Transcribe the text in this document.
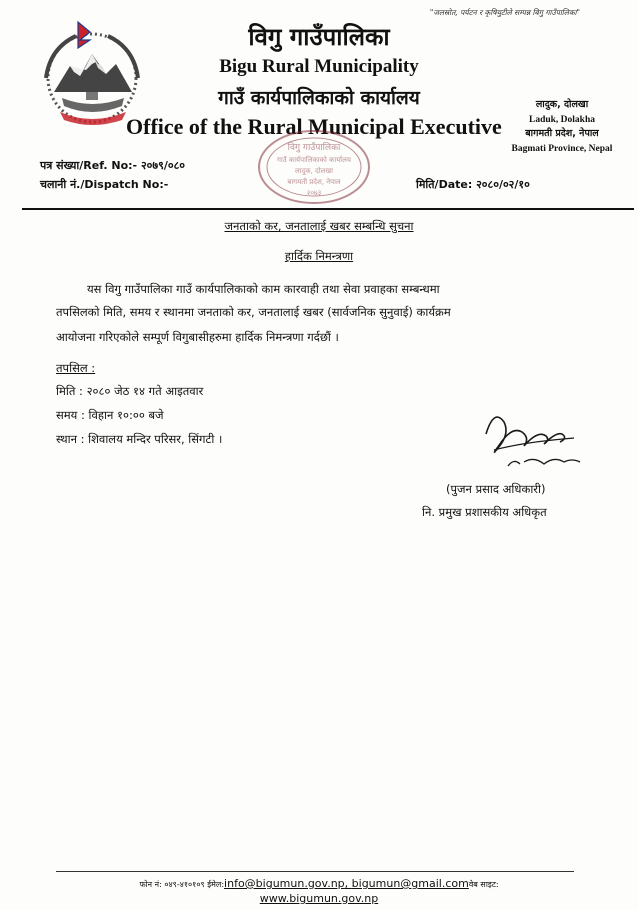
"जलस्रोत, पर्यटन र कृषियुटीले सम्पन्न बिगु गाउँपालिका"
विगु गाउँपालिका
Bigu Rural Municipality
गाउँ कार्यपालिकाको कार्यालय
Office of the Rural Municipal Executive
लादुक, दोलखा
Laduk, Dolakha
बागमती प्रदेश, नेपाल
Bagmati Province, Nepal
पत्र संख्या/Ref. No:- २०७९/०८०
चलानी नं./Dispatch No:-	मिति/Date: २०८०/०२/१०
विगु गाउँपालिका
गाउँ कार्यपालिकाको कार्यालय
लादुक, दोलखा
बागमती प्रदेश, नेपाल
२०७३
जनताको कर, जनतालाई खबर सम्बन्धि सुचना
हार्दिक निमन्त्रणा
यस विगु गाउँपालिका गाउँ कार्यपालिकाको काम कारवाही तथा सेवा प्रवाहका सम्बन्धमा
तपसिलको मिति, समय र स्थानमा जनताको कर, जनतालाई खबर (सार्वजनिक सुनुवाई) कार्यक्रम
आयोजना गरिएकोले सम्पूर्ण विगुबासीहरुमा हार्दिक निमन्त्रणा गर्दछौं ।
तपसिल :
मिति : २०८० जेठ १४ गते आइतवार
समय : विहान १०:०० बजे
स्थान : शिवालय मन्दिर परिसर, सिंगटी ।
(पुजन प्रसाद अधिकारी)
नि. प्रमुख प्रशासकीय अधिकृत
फोन नं: ०४९-४१०१०९ ईमेल:info@bigumun.gov.np, bigumun@gmail.comवेब साइट:
www.bigumun.gov.np
